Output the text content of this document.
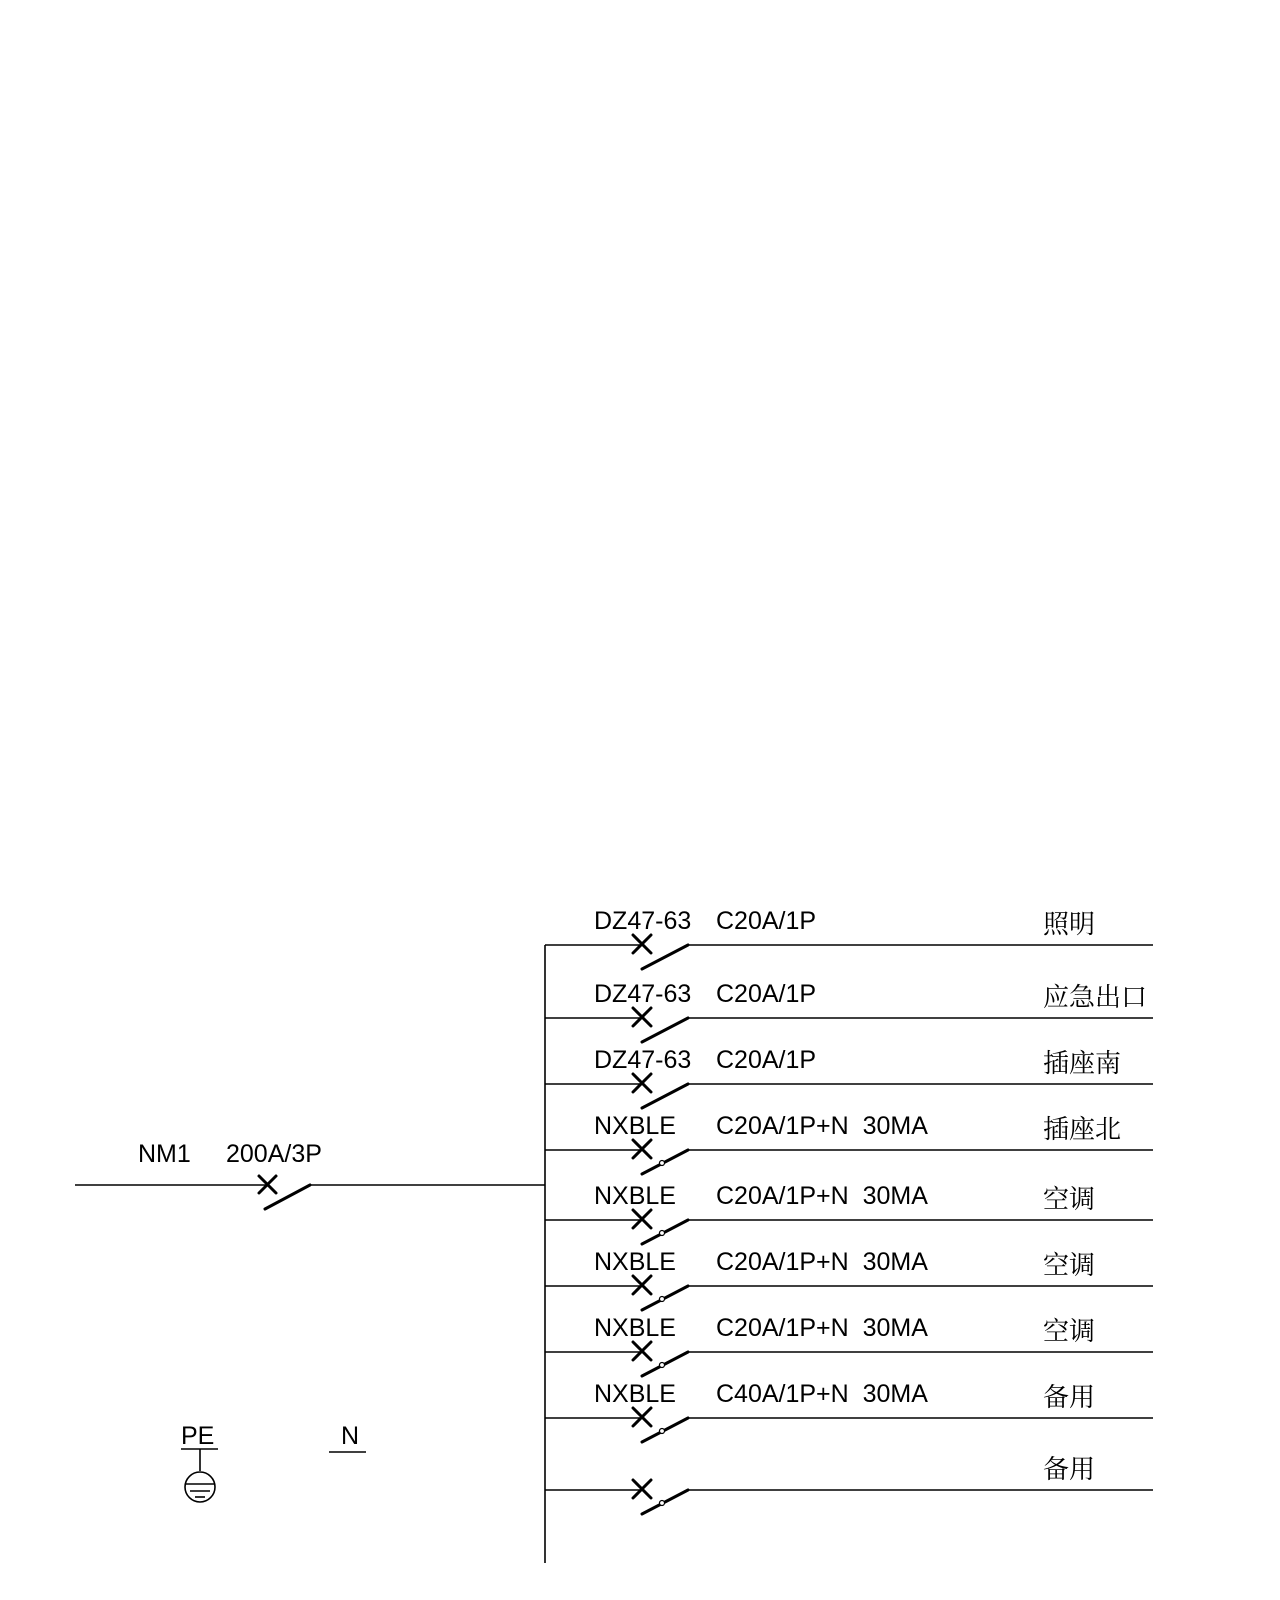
NM1 200A/3P
DZ47-63 C20A/1P	照明
DZ47-63 C20A/1P	应急出口
DZ47-63 C20A/1P	插座南
NXBLE C20A/1P+N  30MA	插座北
NXBLE C20A/1P+N  30MA	空调
NXBLE C20A/1P+N  30MA	空调
NXBLE C20A/1P+N  30MA	空调
NXBLE C40A/1P+N  30MA	备用
备用
PE	N
